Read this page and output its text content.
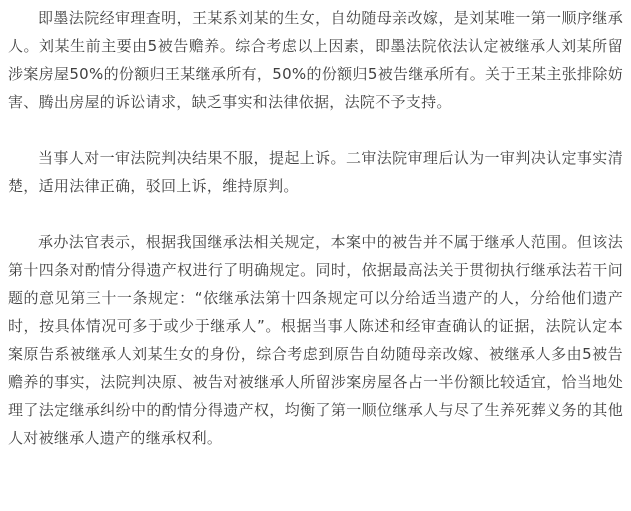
即墨法院经审理查明，王某系刘某的生女，自幼随母亲改嫁，是刘某唯一第一顺序继承人。刘某生前主要由5被告赡养。综合考虑以上因素，即墨法院依法认定被继承人刘某所留涉案房屋50%的份额归王某继承所有，50%的份额归5被告继承所有。关于王某主张排除妨害、腾出房屋的诉讼请求，缺乏事实和法律依据，法院不予支持。

当事人对一审法院判决结果不服，提起上诉。二审法院审理后认为一审判决认定事实清楚，适用法律正确，驳回上诉，维持原判。

承办法官表示，根据我国继承法相关规定，本案中的被告并不属于继承人范围。但该法第十四条对酌情分得遗产权进行了明确规定。同时，依据最高法关于贯彻执行继承法若干问题的意见第三十一条规定：“依继承法第十四条规定可以分给适当遗产的人，分给他们遗产时，按具体情况可多于或少于继承人”。根据当事人陈述和经审查确认的证据，法院认定本案原告系被继承人刘某生女的身份，综合考虑到原告自幼随母亲改嫁、被继承人多由5被告赡养的事实，法院判决原、被告对被继承人所留涉案房屋各占一半份额比较适宜，恰当地处理了法定继承纠纷中的酌情分得遗产权，均衡了第一顺位继承人与尽了生养死葬义务的其他人对被继承人遗产的继承权利。
